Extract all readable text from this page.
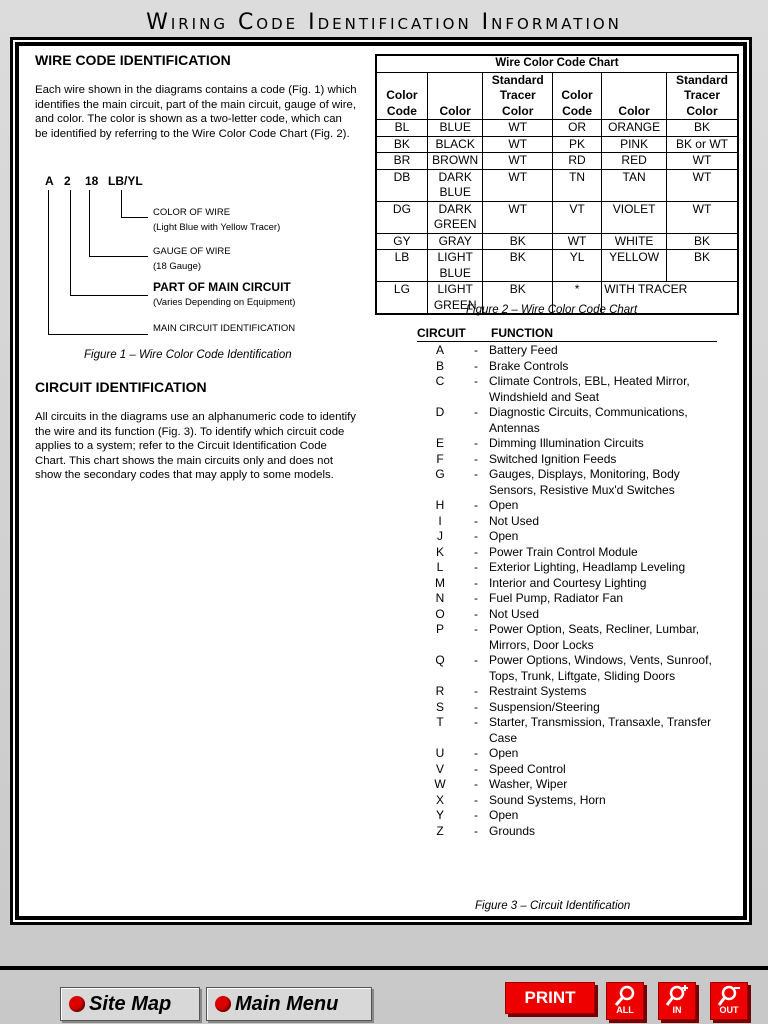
Wiring Code Identification Information
WIRE CODE IDENTIFICATION
Each wire shown in the diagrams contains a code (Fig. 1) which identifies the main circuit, part of the main circuit, gauge of wire, and color. The color is shown as a two-letter code, which can be identified by referring to the Wire Color Code Chart (Fig. 2).
A 2 18 LB/YL
COLOR OF WIRE
(Light Blue with Yellow Tracer)
GAUGE OF WIRE
(18 Gauge)
PART OF MAIN CIRCUIT
(Varies Depending on Equipment)
MAIN CIRCUIT IDENTIFICATION
Figure 1 – Wire Color Code Identification
CIRCUIT IDENTIFICATION
All circuits in the diagrams use an alphanumeric code to identify the wire and its function (Fig. 3). To identify which circuit code applies to a system; refer to the Circuit Identification Code Chart. This chart shows the main circuits only and does not show the secondary codes that may apply to some models.
Wire Color Code Chart					
Color Code	Color	Standard Tracer Color	Color Code	Color	Standard Tracer Color
BL	BLUE	WT	OR	ORANGE	BK
BK	BLACK	WT	PK	PINK	BK or WT
BR	BROWN	WT	RD	RED	WT
DB	DARK BLUE	WT	TN	TAN	WT
DG	DARK GREEN	WT	VT	VIOLET	WT
GY	GRAY	BK	WT	WHITE	BK
LB	LIGHT BLUE	BK	YL	YELLOW	BK
LG	LIGHT GREEN	BK	*	WITH TRACER	
Figure 2 – Wire Color Code Chart
CIRCUIT FUNCTION
A	- Battery Feed
B	- Brake Controls
C	- Climate Controls, EBL, Heated Mirror, Windshield and Seat
D	- Diagnostic Circuits, Communications, Antennas
E	- Dimming Illumination Circuits
F	- Switched Ignition Feeds
G	- Gauges, Displays, Monitoring, Body Sensors, Resistive Mux'd Switches
H	- Open
I	- Not Used
J	- Open
K	- Power Train Control Module
L	- Exterior Lighting, Headlamp Leveling
M	- Interior and Courtesy Lighting
N	- Fuel Pump, Radiator Fan
O	- Not Used
P	- Power Option, Seats, Recliner, Lumbar, Mirrors, Door Locks
Q	- Power Options, Windows, Vents, Sunroof, Tops, Trunk, Liftgate, Sliding Doors
R	- Restraint Systems
S	- Suspension/Steering
T	- Starter, Transmission, Transaxle, Transfer Case
U	- Open
V	- Speed Control
W	- Washer, Wiper
X	- Sound Systems, Horn
Y	- Open
Z	- Grounds
Figure 3 – Circuit Identification
Site Map	Main Menu	PRINT
ALL	IN	OUT
